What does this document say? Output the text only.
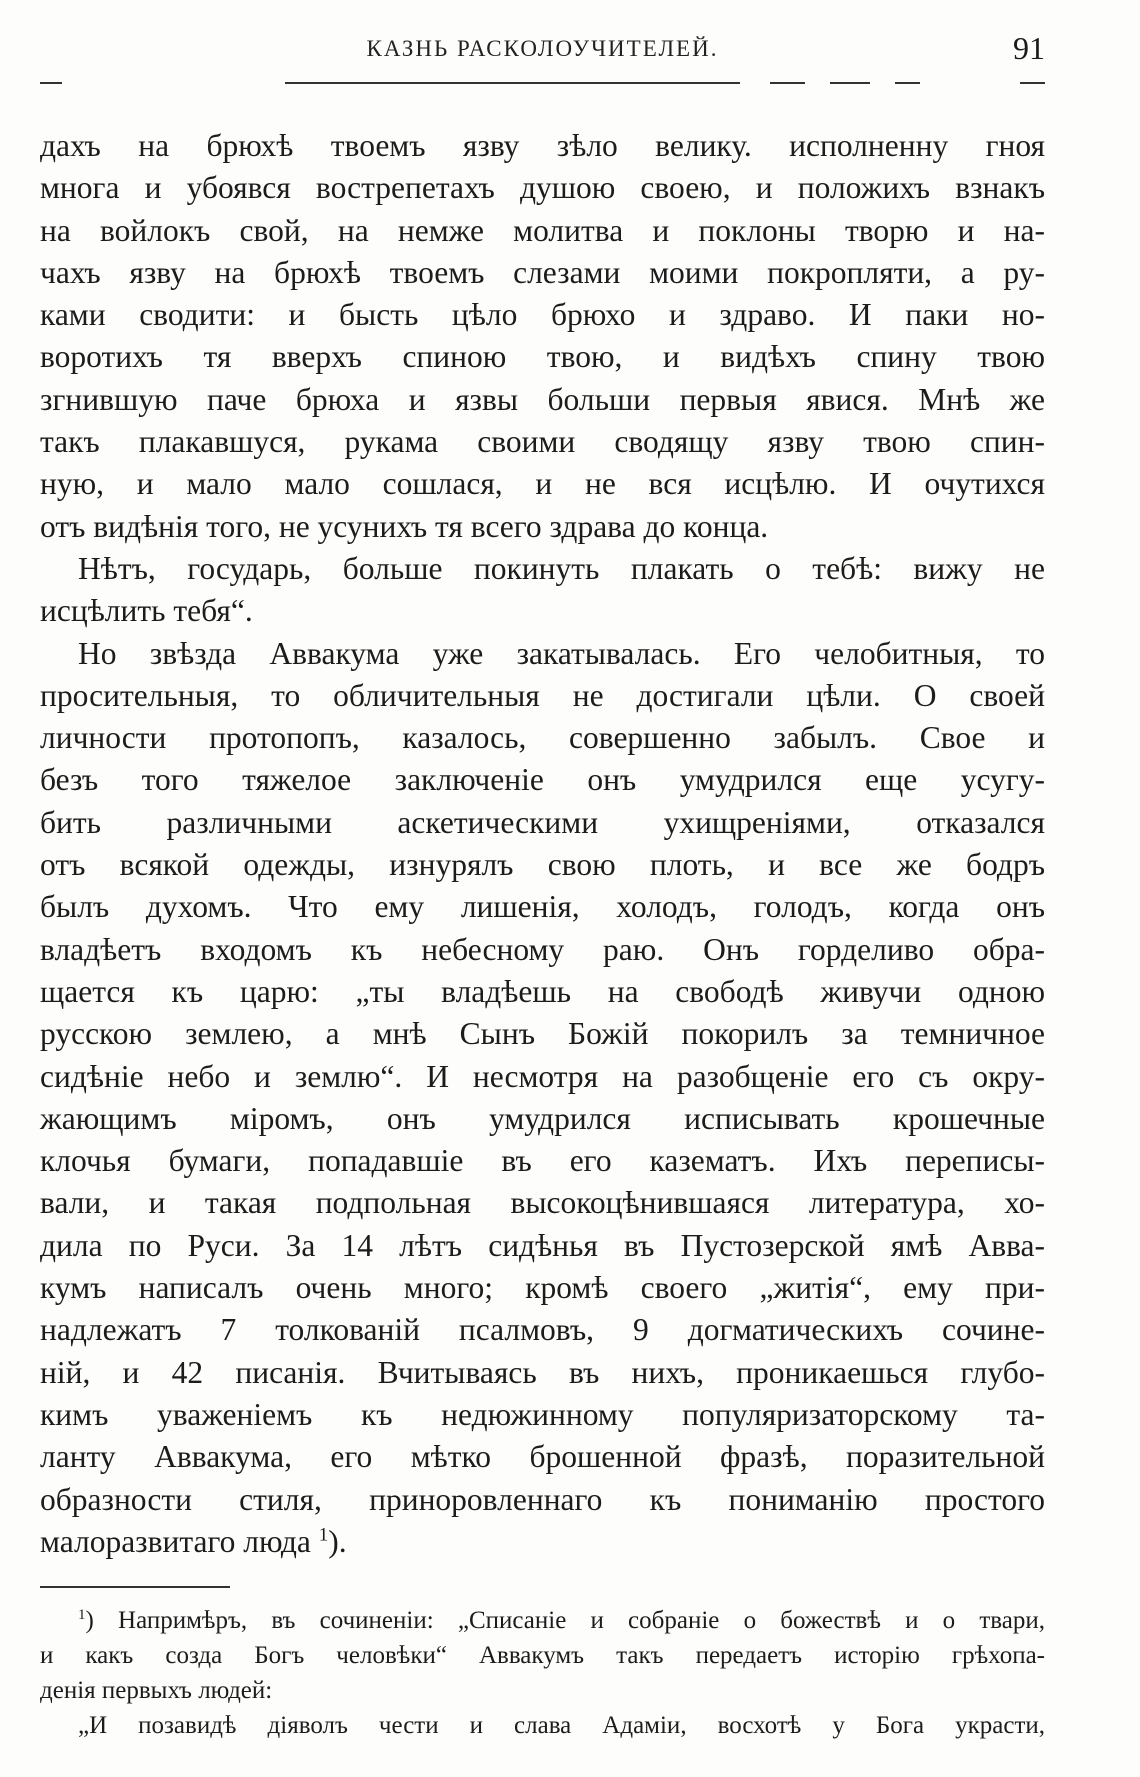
КАЗНЬ РАСКОЛОУЧИТЕЛЕЙ.	91
дахъ на брюхѣ твоемъ язву зѣло велику. исполненну гноя
многа и убоявся вострепетахъ душою своею, и положихъ взнакъ
на войлокъ свой, на немже молитва и поклоны творю и на-
чахъ язву на брюхѣ твоемъ слезами моими покропляти, а ру-
ками сводити: и бысть цѣло брюхо и здраво. И паки но-
воротихъ тя вверхъ спиною твою, и видѣхъ спину твою
згнившую паче брюха и язвы больши первыя явися. Мнѣ же
такъ плакавшуся, рукама своими сводящу язву твою спин-
ную, и мало мало сошлася, и не вся исцѣлю. И очутихся
отъ видѣнія того, не усунихъ тя всего здрава до конца.
Нѣтъ, государь, больше покинуть плакать о тебѣ: вижу не
исцѣлить тебя“.
Но звѣзда Аввакума уже закатывалась. Его челобитныя, то
просительныя, то обличительныя не достигали цѣли. О своей
личности протопопъ, казалось, совершенно забылъ. Свое и
безъ того тяжелое заключеніе онъ умудрился еще усугу-
бить различными аскетическими ухищреніями, отказался
отъ всякой одежды, изнурялъ свою плоть, и все же бодръ
былъ духомъ. Что ему лишенія, холодъ, голодъ, когда онъ
владѣетъ входомъ къ небесному раю. Онъ горделиво обра-
щается къ царю: „ты владѣешь на свободѣ живучи одною
русскою землею, а мнѣ Сынъ Божій покорилъ за темничное
сидѣніе небо и землю“. И несмотря на разобщеніе его съ окру-
жающимъ міромъ, онъ умудрился исписывать крошечные
клочья бумаги, попадавшіе въ его казематъ. Ихъ переписы-
вали, и такая подпольная высокоцѣнившаяся литература, хо-
дила по Руси. За 14 лѣтъ сидѣнья въ Пустозерской ямѣ Авва-
кумъ написалъ очень много; кромѣ своего „житія“, ему при-
надлежатъ 7 толкованій псалмовъ, 9 догматическихъ сочине-
ній, и 42 писанія. Вчитываясь въ нихъ, проникаешься глубо-
кимъ уваженіемъ къ недюжинному популяризаторскому та-
ланту Аввакума, его мѣтко брошенной фразѣ, поразительной
образности стиля, приноровленнаго къ пониманію простого
малоразвитаго люда $^1$).
$^1$) Напримѣръ, въ сочиненіи: „Списаніе и собраніе о божествѣ и о твари,
и какъ созда Богъ человѣки“ Аввакумъ такъ передаетъ исторію грѣхопа-
денія первыхъ людей:
„И позавидѣ діяволъ чести и слава Адамiи, восхотѣ у Бога украсти,
